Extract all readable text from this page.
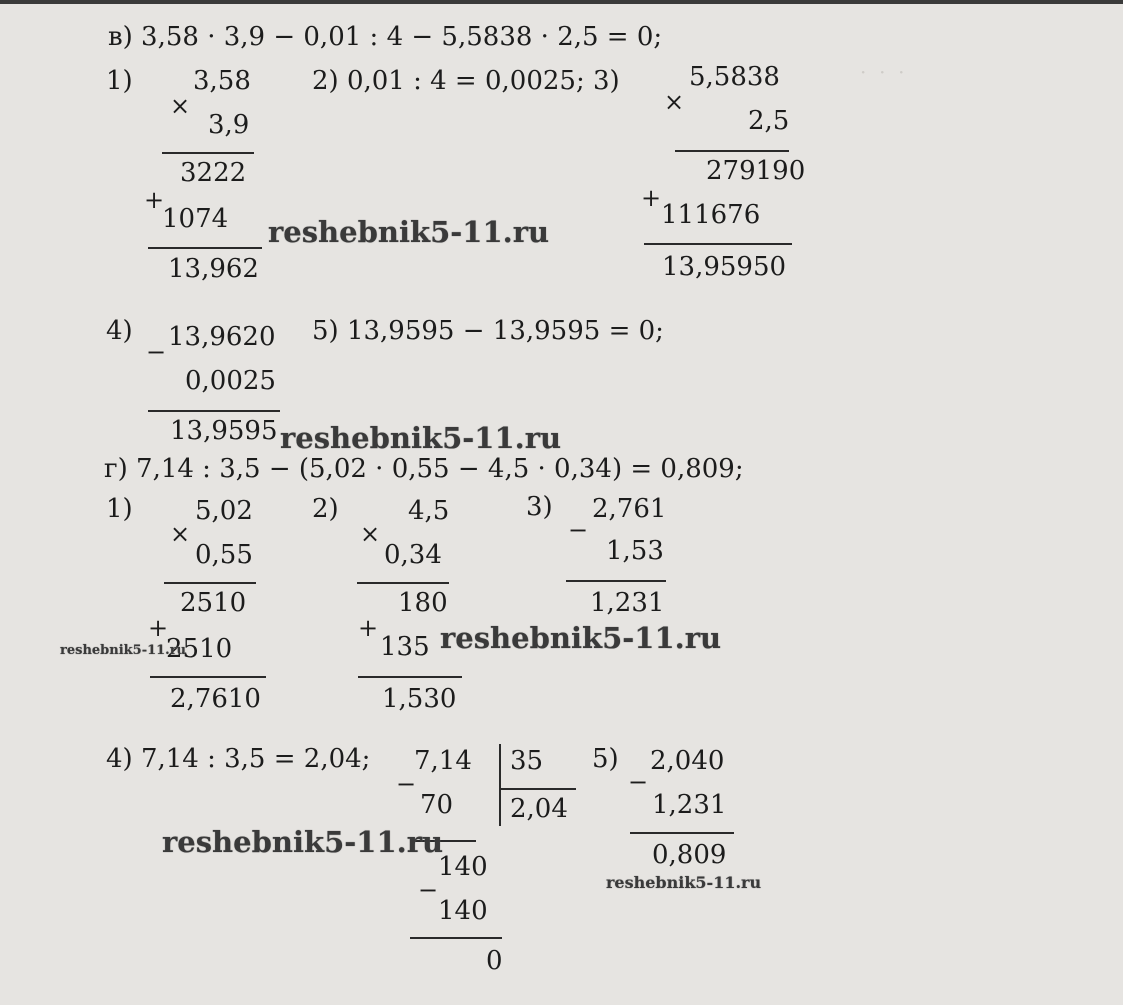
·  ·  ·
в) 3,58 · 3,9 − 0,01 : 4 − 5,5838 · 2,5 = 0;
1)
×
3,58
3,9
3222
+
1074
13,962
2) 0,01 : 4 = 0,0025; 3)
×
5,5838
2,5
279190
+
111676
13,95950
reshebnik5-11.ru
4)
− 13,9620
0,0025
13,9595 reshebnik5-11.ru
5) 13,9595 − 13,9595 = 0;
г) 7,14 : 3,5 − (5,02 · 0,55 − 4,5 · 0,34) = 0,809;
1)
×
5,02
0,55
2510
+
2510
2,7610
reshebnik5-11.ru
2)
×
4,5
0,34
180
+
135
1,530
reshebnik5-11.ru
3)
−
2,761
1,53
1,231
4) 7,14 : 3,5 = 2,04;
−
7,14
70
35
2,04
140
−
140
0
reshebnik5-11.ru
5)
−
2,040
1,231
0,809
reshebnik5-11.ru
